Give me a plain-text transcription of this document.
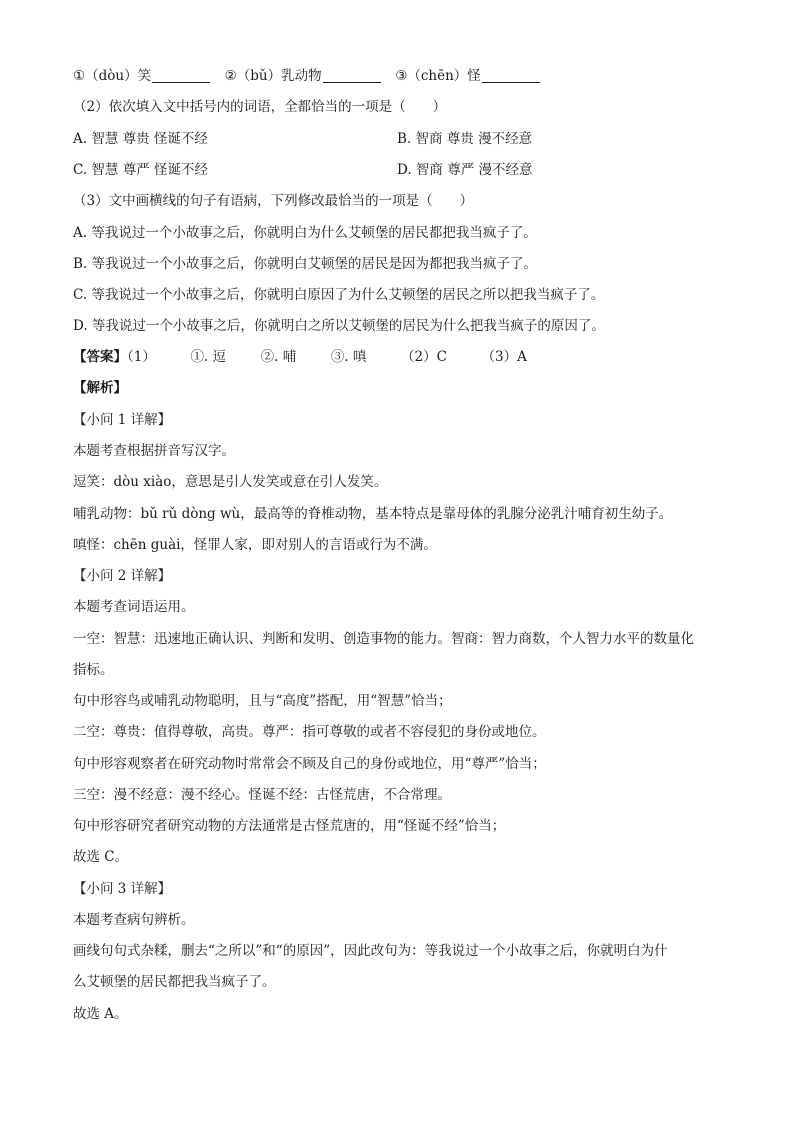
①（dòu）笑	②（bǔ）乳动物	③（chēn）怪
（2）依次填入文中括号内的词语，全都恰当的一项是（　　）
A. 智慧 尊贵 怪诞不经	B. 智商 尊贵 漫不经意
C. 智慧 尊严 怪诞不经	D. 智商 尊严 漫不经意
（3）文中画横线的句子有语病，下列修改最恰当的一项是（　　）
A. 等我说过一个小故事之后，你就明白为什么艾顿堡的居民都把我当疯子了。
B. 等我说过一个小故事之后，你就明白艾顿堡的居民是因为都把我当疯子了。
C. 等我说过一个小故事之后，你就明白原因了为什么艾顿堡的居民之所以把我当疯子了。
D. 等我说过一个小故事之后，你就明白之所以艾顿堡的居民为什么把我当疯子的原因了。
【答案】（1）	①. 逗	②. 哺	③. 嗔	（2）C	（3）A
【解析】
【小问 1 详解】
本题考查根据拼音写汉字。
逗笑：dòu xiào，意思是引人发笑或意在引人发笑。
哺乳动物：bǔ rǔ dòng wù，最高等的脊椎动物，基本特点是靠母体的乳腺分泌乳汁哺育初生幼子。
嗔怪：chēn guài，怪罪人家，即对别人的言语或行为不满。
【小问 2 详解】
本题考查词语运用。
一空：智慧：迅速地正确认识、判断和发明、创造事物的能力。智商：智力商数，个人智力水平的数量化
指标。
句中形容鸟或哺乳动物聪明，且与“高度”搭配，用“智慧”恰当；
二空：尊贵：值得尊敬，高贵。尊严：指可尊敬的或者不容侵犯的身份或地位。
句中形容观察者在研究动物时常常会不顾及自己的身份或地位，用“尊严”恰当；
三空：漫不经意：漫不经心。怪诞不经：古怪荒唐，不合常理。
句中形容研究者研究动物的方法通常是古怪荒唐的，用“怪诞不经”恰当；
故选 C。
【小问 3 详解】
本题考查病句辨析。
画线句句式杂糅，删去“之所以”和“的原因”，因此改句为：等我说过一个小故事之后，你就明白为什
么艾顿堡的居民都把我当疯子了。
故选 A。
